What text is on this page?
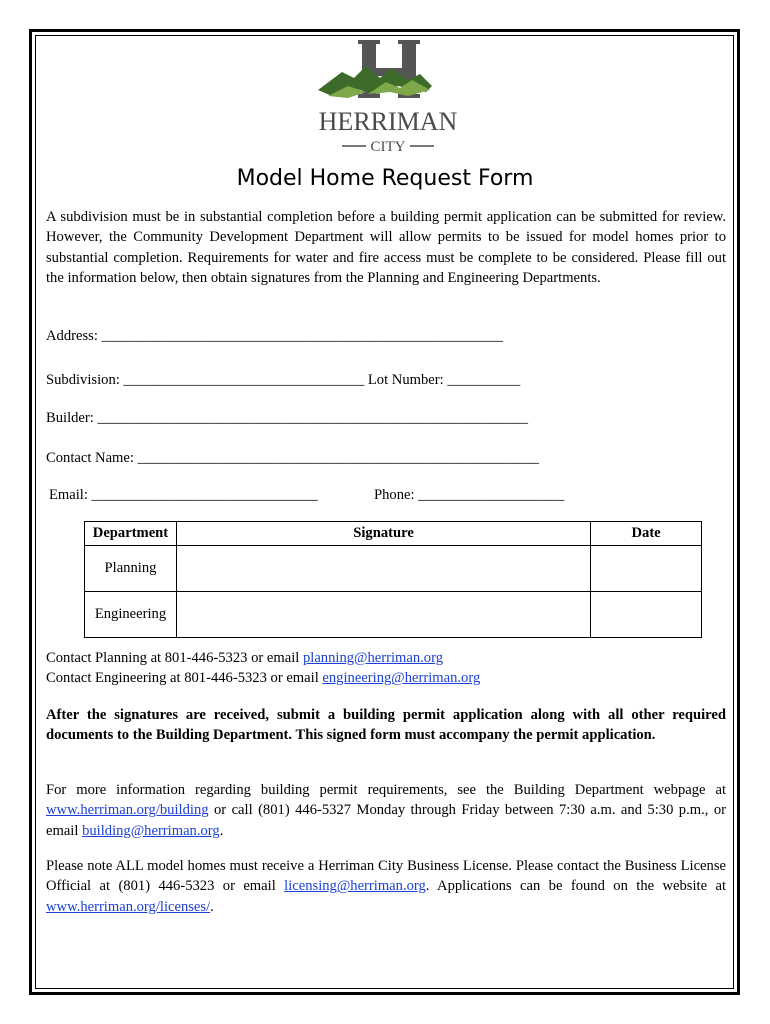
HERRIMAN
CITY
Model Home Request Form

A subdivision must be in substantial completion before a building permit application can be submitted for review. However, the Community Development Department will allow permits to be issued for model homes prior to substantial completion. Requirements for water and fire access must be complete to be considered. Please fill out the information below, then obtain signatures from the Planning and Engineering Departments.

Address: _______________________________________________________
Subdivision: _________________________________ Lot Number: __________
Builder: ___________________________________________________________
Contact Name: _______________________________________________________
Email: _______________________________	Phone: ____________________
Department	Signature	Date
Planning		
Engineering		

Contact Planning at 801-446-5323 or email planning@herriman.org
Contact Engineering at 801-446-5323 or email engineering@herriman.org

After the signatures are received, submit a building permit application along with all other required documents to the Building Department. This signed form must accompany the permit application.

For more information regarding building permit requirements, see the Building Department webpage at www.herriman.org/building or call (801) 446-5327 Monday through Friday between 7:30 a.m. and 5:30 p.m., or email building@herriman.org.

Please note ALL model homes must receive a Herriman City Business License. Please contact the Business License Official at (801) 446-5323 or email licensing@herriman.org. Applications can be found on the website at www.herriman.org/licenses/.
